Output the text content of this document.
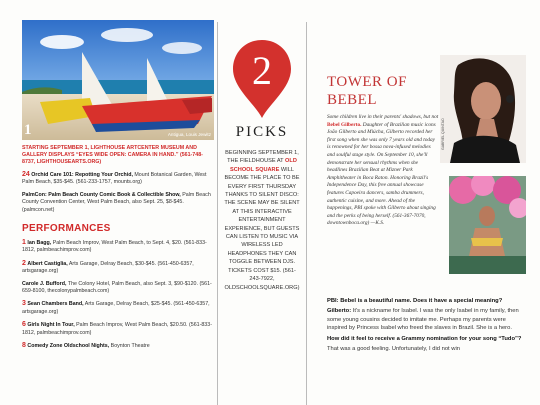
1	Antigua, Louis Jewitz
STARTING SEPTEMBER 1, LIGHTHOUSE ARTCENTER MUSEUM AND GALLERY DISPLAYS “EYES WIDE OPEN: CAMERA IN HAND.” (561-748-8737, LIGHTHOUSEARTS.ORG)
24 Orchid Care 101: Repotting Your Orchid, Mount Botanical Garden, West Palm Beach, $35-$45. (561-233-1757, mounts.org)
PalmCon: Palm Beach County Comic Book & Collectible Show, Palm Beach County Convention Center, West Palm Beach, also Sept. 25, $8-$45. (palmcon.net)
PERFORMANCES
1 Ian Bagg, Palm Beach Improv, West Palm Beach, to Sept. 4, $20. (561-833-1812, palmbeachimprov.com)
2 Albert Castiglia, Arts Garage, Delray Beach, $30-$45. (561-450-6357, artsgarage.org)
Carole J. Bufford, The Colony Hotel, Palm Beach, also Sept. 3, $90-$120. (561-659-8100, thecolonypalmbeach.com)
3 Sean Chambers Band, Arts Garage, Delray Beach, $25-$45. (561-450-6357, artsgarage.org)
6 Girls Night In Tour, Palm Beach Improv, West Palm Beach, $20.50. (561-833-1812, palmbeachimprov.com)
8 Comedy Zone Oldschool Nights, Boynton Theatre
2
PICKS
BEGINNING SEPTEMBER 1, THE FIELDHOUSE AT OLD SCHOOL SQUARE WILL BECOME THE PLACE TO BE EVERY FIRST THURSDAY THANKS TO SILENT DISCO: THE SCENE MAY BE SILENT AT THIS INTERACTIVE ENTERTAINMENT EXPERIENCE, BUT GUESTS CAN LISTEN TO MUSIC VIA WIRELESS LED HEADPHONES THEY CAN TOGGLE BETWEEN DJS. TICKETS COST $15. (561-243-7922, OLDSCHOOLSQUARE.ORG)
GABRIEL QUINTAO
TOWER OF
BEBEL
Some children live in their parents' shadows, but not Bebel Gilberto. Daughter of Brazilian music icons João Gilberto and Miúcha, Gilberto recorded her first song when she was only 7 years old and today is renowned for her bossa nova-infused melodies and soulful stage style. On September 10, she'll demonstrate her sensual rhythms when she headlines Brazilian Beat at Mizner Park Amphitheater in Boca Raton. Honoring Brazil's Independence Day, this free annual showcase features Capoeira dancers, samba drummers, authentic cuisine, and more. Ahead of the happenings, PBI spoke with Gilberto about singing and the perks of being herself. (561-367-7070, downtownboca.org) —K.S.

PBI: Bebel is a beautiful name. Does it have a special meaning?

Gilberto: It's a nickname for Isabel. I was the only Isabel in my family, then some young cousins decided to imitate me. Perhaps my parents were inspired by Princess Isabel who freed the slaves in Brazil. She is a hero.

How did it feel to receive a Grammy nomination for your song “Tudo”?

That was a good feeling. Unfortunately, I did not win
